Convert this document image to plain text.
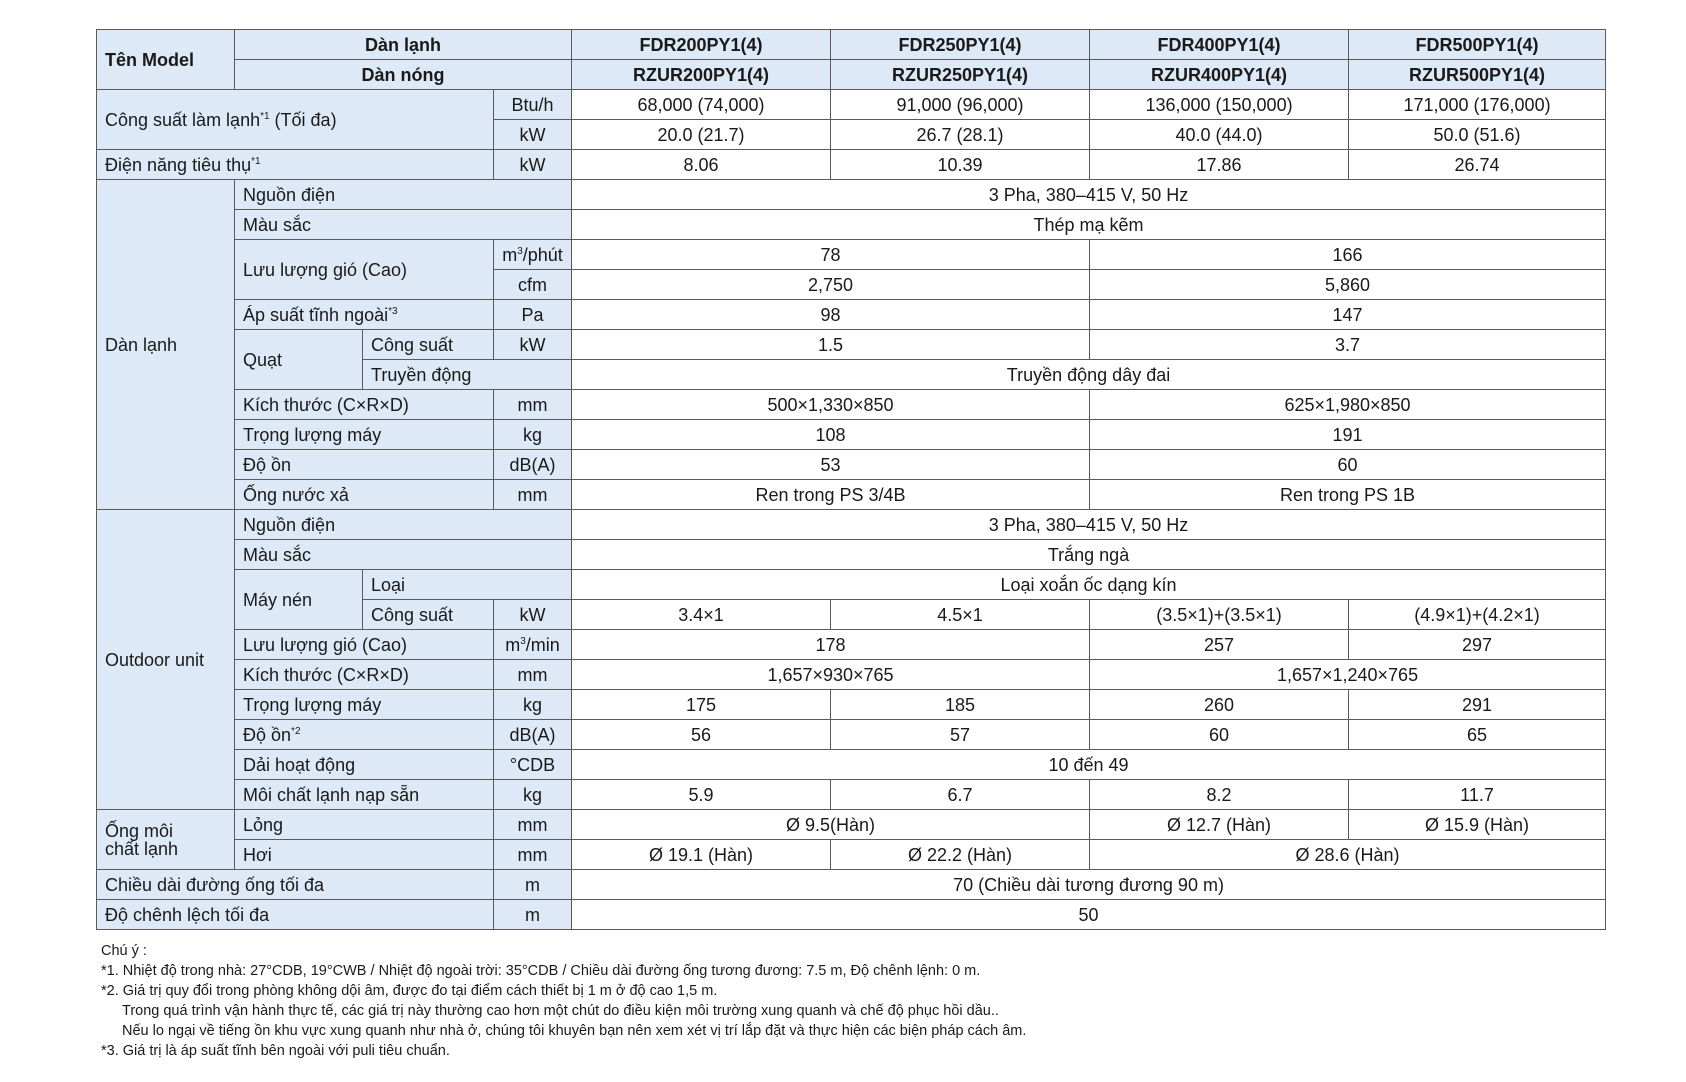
Tên Model	Dàn lạnh			FDR200PY1(4)	FDR250PY1(4)	FDR400PY1(4)	FDR500PY1(4)
	Dàn nóng			RZUR200PY1(4)	RZUR250PY1(4)	RZUR400PY1(4)	RZUR500PY1(4)
Công suất làm lạnh$^{*1}$ (Tối đa)			Btu/h	68,000 (74,000)	91,000 (96,000)	136,000 (150,000)	171,000 (176,000)
			kW	20.0 (21.7)	26.7 (28.1)	40.0 (44.0)	50.0 (51.6)
Điện năng tiêu thụ$^{*1}$			kW	8.06	10.39	17.86	26.74
Dàn lạnh	Nguồn điện			3 Pha, 380–415 V, 50 Hz			
	Màu sắc			Thép mạ kẽm			
	Lưu lượng gió (Cao)		$m^3$/phút	78		166	
			cfm	2,750		5,860	
	Áp suất tĩnh ngoài$^{*3}$		Pa	98		147	
	Quạt	Công suất	kW	1.5		3.7	
		Truyền động		Truyền động dây đai			
	Kích thước (C×R×D)		mm	500×1,330×850		625×1,980×850	
	Trọng lượng máy		kg	108		191	
	Độ ồn		dB(A)	53		60	
	Ống nước xả		mm	Ren trong PS 3/4B		Ren trong PS 1B	
Outdoor unit	Nguồn điện			3 Pha, 380–415 V, 50 Hz			
	Màu sắc			Trắng ngà			
	Máy nén	Loại		Loại xoắn ốc dạng kín			
		Công suất	kW	3.4×1	4.5×1	(3.5×1)+(3.5×1)	(4.9×1)+(4.2×1)
	Lưu lượng gió (Cao)		$m^3/\min$	178		257	297
	Kích thước (C×R×D)		mm	1,657×930×765		1,657×1,240×765	
	Trọng lượng máy		kg	175	185	260	291
	Độ ồn$^{*2}$		dB(A)	56	57	60	65
	Dải hoạt động		°CDB	10 đến 49			
	Môi chất lạnh nạp sẵn		kg	5.9	6.7	8.2	11.7
Ống môi
chất lạnh	Lỏng		mm	Ø 9.5(Hàn)		Ø 12.7 (Hàn)	Ø 15.9 (Hàn)
	Hơi		mm	Ø 19.1 (Hàn)	Ø 22.2 (Hàn)	Ø 28.6 (Hàn)	
Chiều dài đường ống tối đa			m	70 (Chiều dài tương đương 90 m)			
Độ chênh lệch tối đa			m	50			
Chú ý :
*1. Nhiệt độ trong nhà: 27°CDB, 19°CWB / Nhiệt độ ngoài trời: 35°CDB / Chiều dài đường ống tương đương: 7.5 m, Độ chênh lệnh: 0 m.
*2. Giá trị quy đổi trong phòng không dội âm, được đo tại điểm cách thiết bị 1 m ở độ cao 1,5 m.
Trong quá trình vận hành thực tế, các giá trị này thường cao hơn một chút do điều kiện môi trường xung quanh và chế độ phục hồi dầu..
Nếu lo ngại về tiếng ồn khu vực xung quanh như nhà ở, chúng tôi khuyên bạn nên xem xét vị trí lắp đặt và thực hiện các biện pháp cách âm.
*3. Giá trị là áp suất tĩnh bên ngoài với puli tiêu chuẩn.
